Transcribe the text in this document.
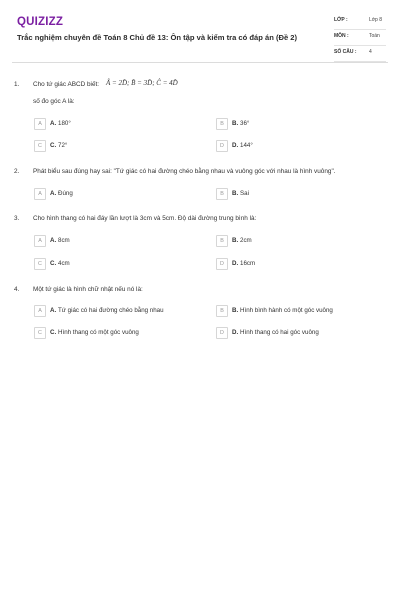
QUIZIZZ
Trắc nghiệm chuyên đề Toán 8 Chủ đề 13: Ôn tập và kiểm tra có đáp án (Đề 2)
LỚP :	Lớp 8
MÔN :	Toán
SỐ CÂU :	4
1. Cho tứ giác ABCD biết: Â = 2D̂; B̂ = 3D̂; Ĉ = 4D̂
số đo góc A là:
A	A. 180°	B	B. 36°
C	C. 72°	D	D. 144°
2. Phát biểu sau đúng hay sai: "Tứ giác có hai đường chéo bằng nhau và vuông góc với nhau là hình vuông".
A	A. Đúng	B	B. Sai
3. Cho hình thang có hai đáy lần lượt là 3cm và 5cm. Độ dài đường trung bình là:
A	A. 8cm	B	B. 2cm
C	C. 4cm	D	D. 16cm
4. Một tứ giác là hình chữ nhật nếu nó là:
A	A. Tứ giác có hai đường chéo bằng nhau	B	B. Hình bình hành có một góc vuông
C	C. Hình thang có một góc vuông	D	D. Hình thang có hai góc vuông
